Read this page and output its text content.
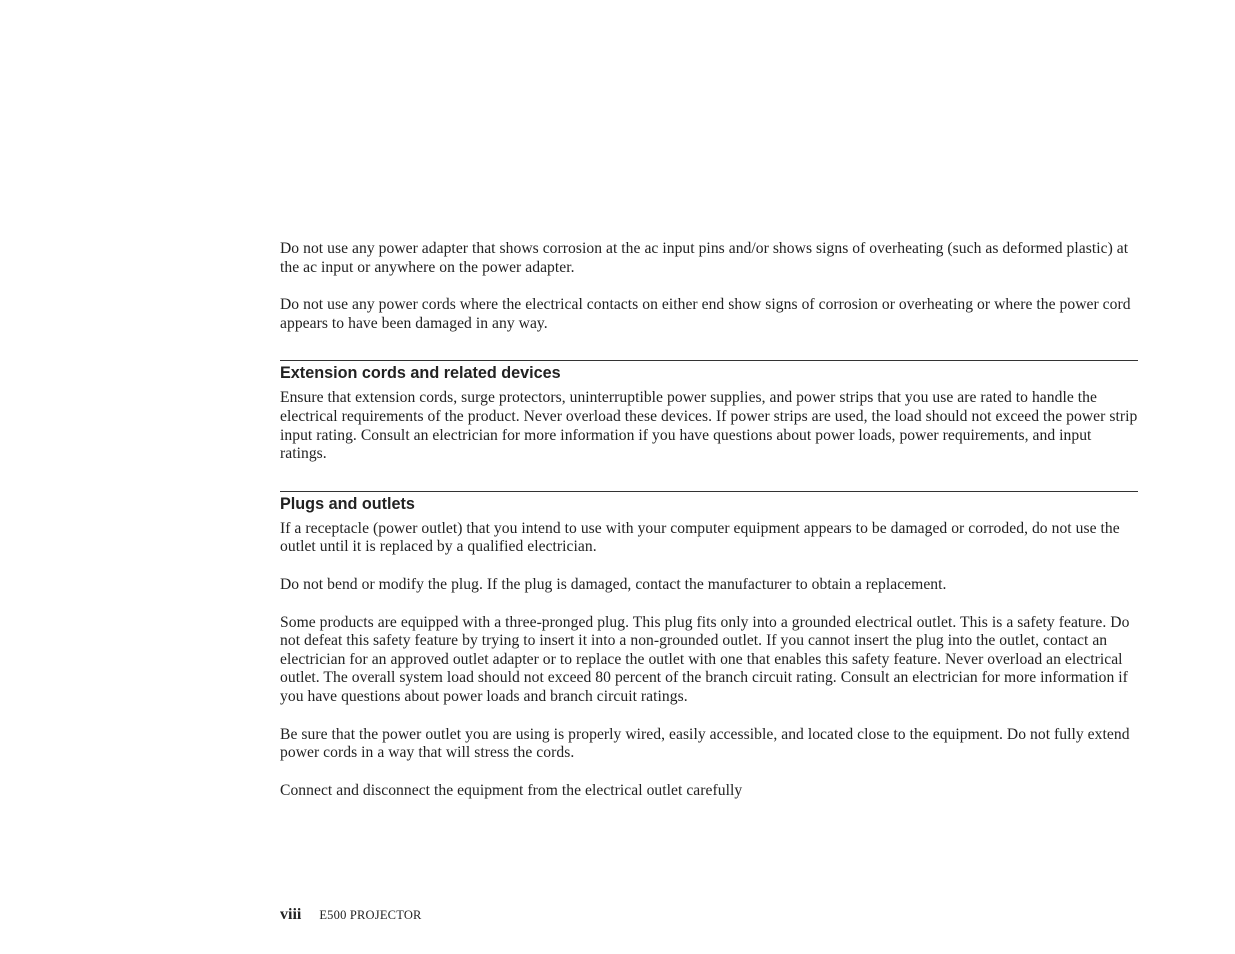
Do not use any power adapter that shows corrosion at the ac input pins and/or shows signs of overheating (such as deformed plastic) at the ac input or anywhere on the power adapter.

Do not use any power cords where the electrical contacts on either end show signs of corrosion or overheating or where the power cord appears to have been damaged in any way.

Extension cords and related devices

Ensure that extension cords, surge protectors, uninterruptible power supplies, and power strips that you use are rated to handle the electrical requirements of the product. Never overload these devices. If power strips are used, the load should not exceed the power strip input rating. Consult an electrician for more information if you have questions about power loads, power requirements, and input ratings.

Plugs and outlets

If a receptacle (power outlet) that you intend to use with your computer equipment appears to be damaged or corroded, do not use the outlet until it is replaced by a qualified electrician.

Do not bend or modify the plug. If the plug is damaged, contact the manufacturer to obtain a replacement.

Some products are equipped with a three-pronged plug. This plug fits only into a grounded electrical outlet. This is a safety feature. Do not defeat this safety feature by trying to insert it into a non-grounded outlet. If you cannot insert the plug into the outlet, contact an electrician for an approved outlet adapter or to replace the outlet with one that enables this safety feature. Never overload an electrical outlet. The overall system load should not exceed 80 percent of the branch circuit rating. Consult an electrician for more information if you have questions about power loads and branch circuit ratings.

Be sure that the power outlet you are using is properly wired, easily accessible, and located close to the equipment. Do not fully extend power cords in a way that will stress the cords.

Connect and disconnect the equipment from the electrical outlet carefully

viii E500 PROJECTOR
